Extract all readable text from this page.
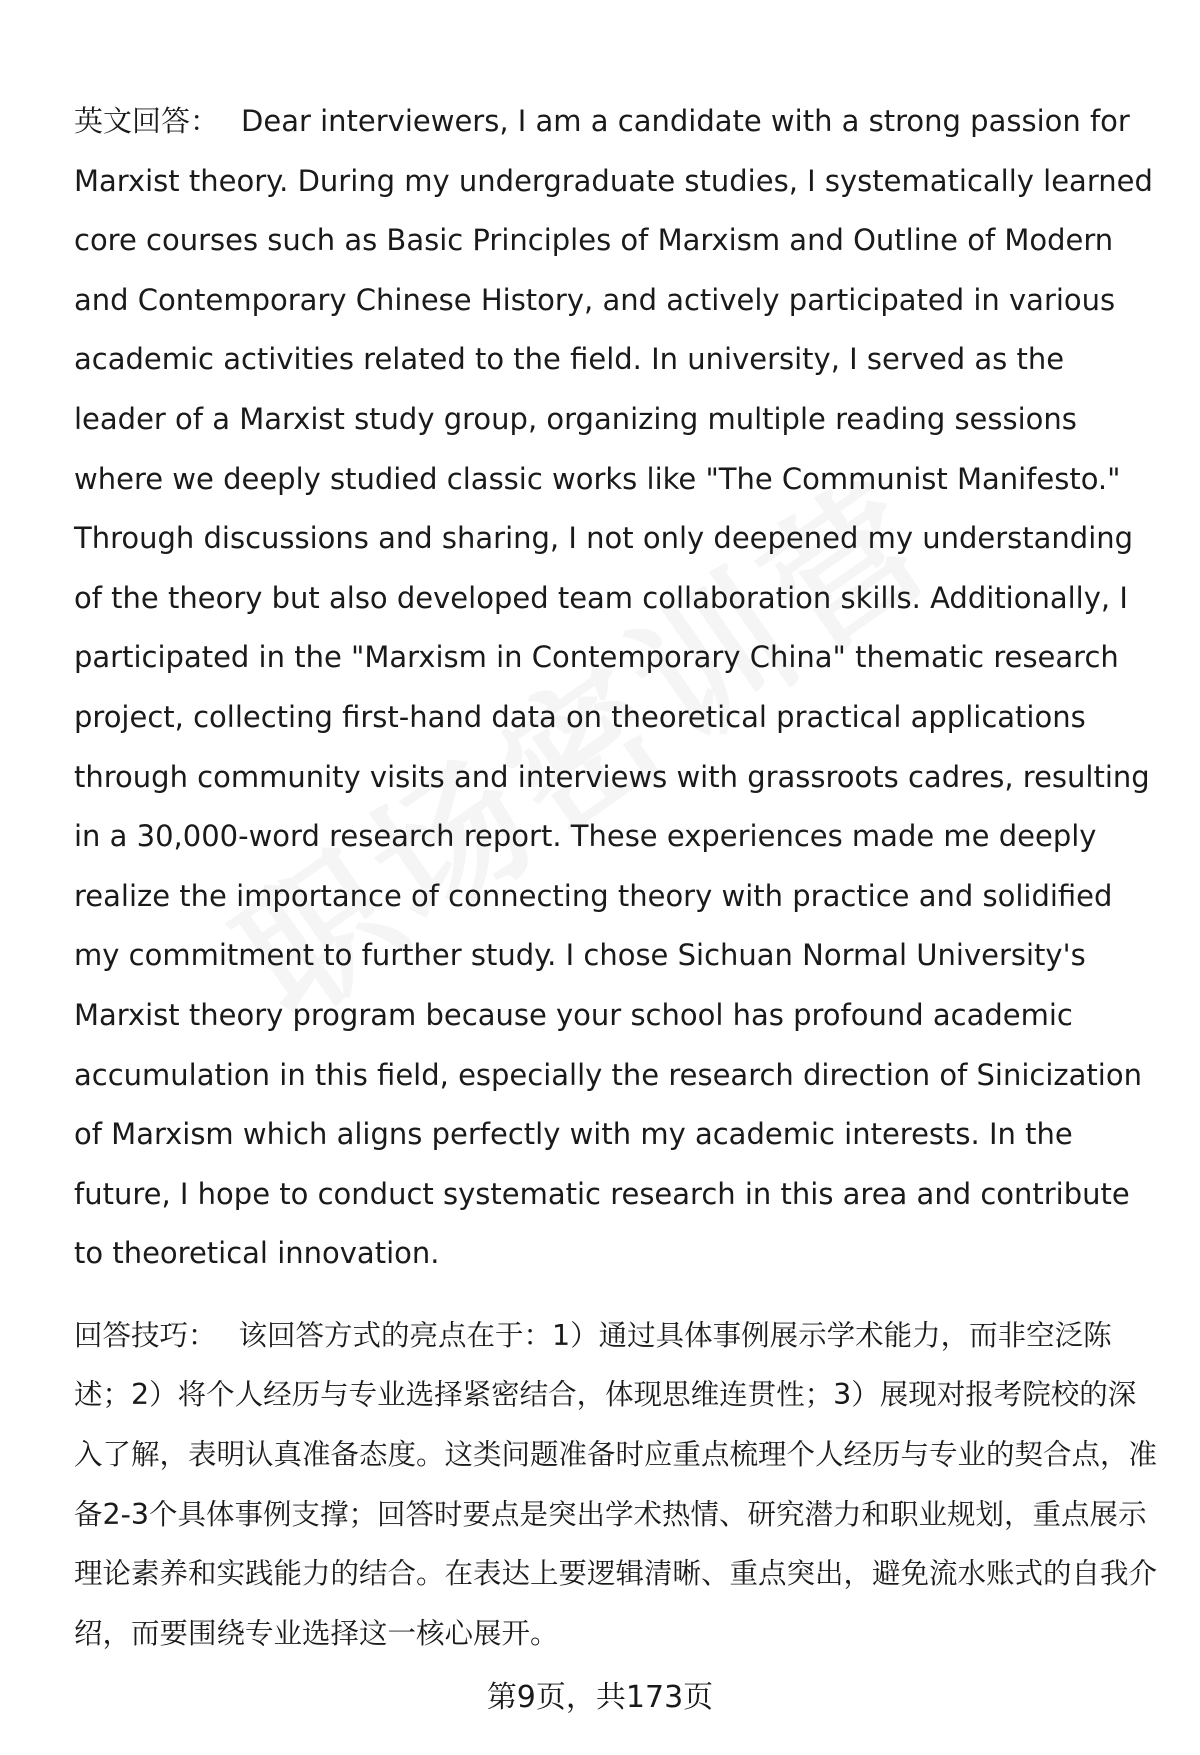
英文回答： Dear interviewers, I am a candidate with a strong passion for Marxist theory. During my undergraduate studies, I systematically learned core courses such as Basic Principles of Marxism and Outline of Modern and Contemporary Chinese History, and actively participated in various academic activities related to the field. In university, I served as the leader of a Marxist study group, organizing multiple reading sessions where we deeply studied classic works like "The Communist Manifesto." Through discussions and sharing, I not only deepened my understanding of the theory but also developed team collaboration skills. Additionally, I participated in the "Marxism in Contemporary China" thematic research project, collecting first-hand data on theoretical practical applications through community visits and interviews with grassroots cadres, resulting in a 30,000-word research report. These experiences made me deeply realize the importance of connecting theory with practice and solidified my commitment to further study. I chose Sichuan Normal University's Marxist theory program because your school has profound academic accumulation in this field, especially the research direction of Sinicization of Marxism which aligns perfectly with my academic interests. In the future, I hope to conduct systematic research in this area and contribute to theoretical innovation.

回答技巧： 该回答方式的亮点在于：1）通过具体事例展示学术能力，而非空泛陈述；2）将个人经历与专业选择紧密结合，体现思维连贯性；3）展现对报考院校的深入了解，表明认真准备态度。这类问题准备时应重点梳理个人经历与专业的契合点，准备2-3个具体事例支撑；回答时要点是突出学术热情、研究潜力和职业规划，重点展示理论素养和实践能力的结合。在表达上要逻辑清晰、重点突出，避免流水账式的自我介绍，而要围绕专业选择这一核心展开。

第9页，共173页
